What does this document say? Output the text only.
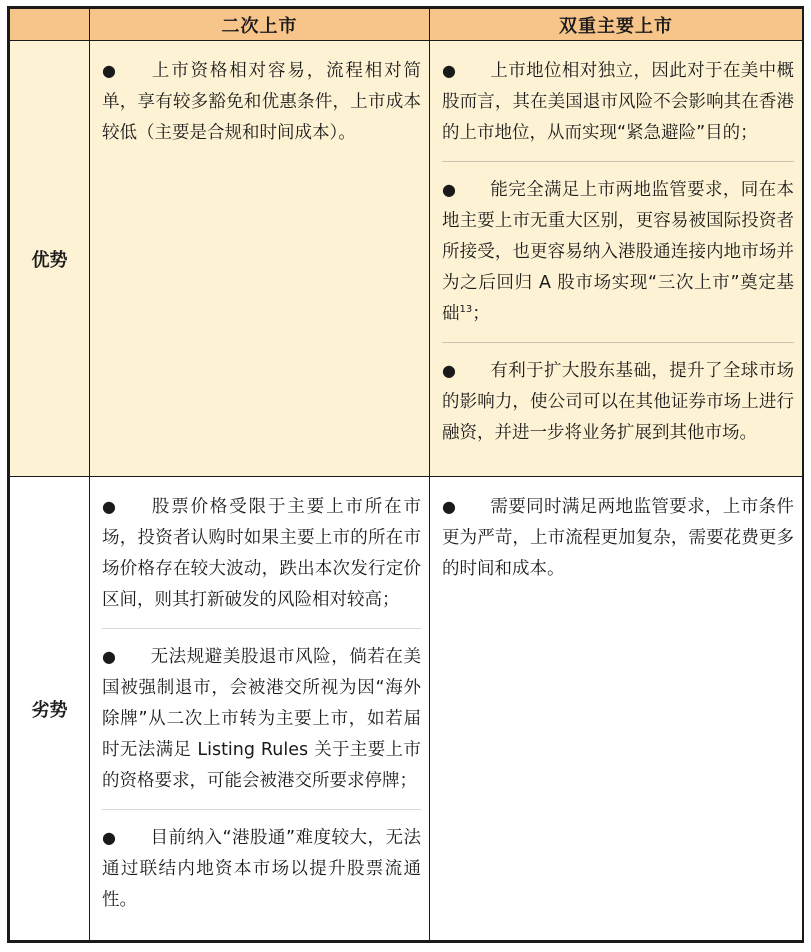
	二次上市	双重主要上市
优势	● 上市资格相对容易，流程相对简单，享有较多豁免和优惠条件，上市成本较低（主要是合规和时间成本）。	● 上市地位相对独立，因此对于在美中概股而言，其在美国退市风险不会影响其在香港的上市地位，从而实现“紧急避险”目的；

● 能完全满足上市两地监管要求，同在本地主要上市无重大区别，更容易被国际投资者所接受，也更容易纳入港股通连接内地市场并为之后回归 A 股市场实现“三次上市”奠定基础$^{13}$；

● 有利于扩大股东基础，提升了全球市场的影响力，使公司可以在其他证券市场上进行融资，并进一步将业务扩展到其他市场。

劣势	● 股票价格受限于主要上市所在市场，投资者认购时如果主要上市的所在市场价格存在较大波动，跌出本次发行定价区间，则其打新破发的风险相对较高；

● 无法规避美股退市风险，倘若在美国被强制退市，会被港交所视为因“海外除牌”从二次上市转为主要上市，如若届时无法满足 Listing Rules 关于主要上市的资格要求，可能会被港交所要求停牌；

● 目前纳入“港股通”难度较大，无法通过联结内地资本市场以提升股票流通性。	● 需要同时满足两地监管要求，上市条件更为严苛，上市流程更加复杂，需要花费更多的时间和成本。
